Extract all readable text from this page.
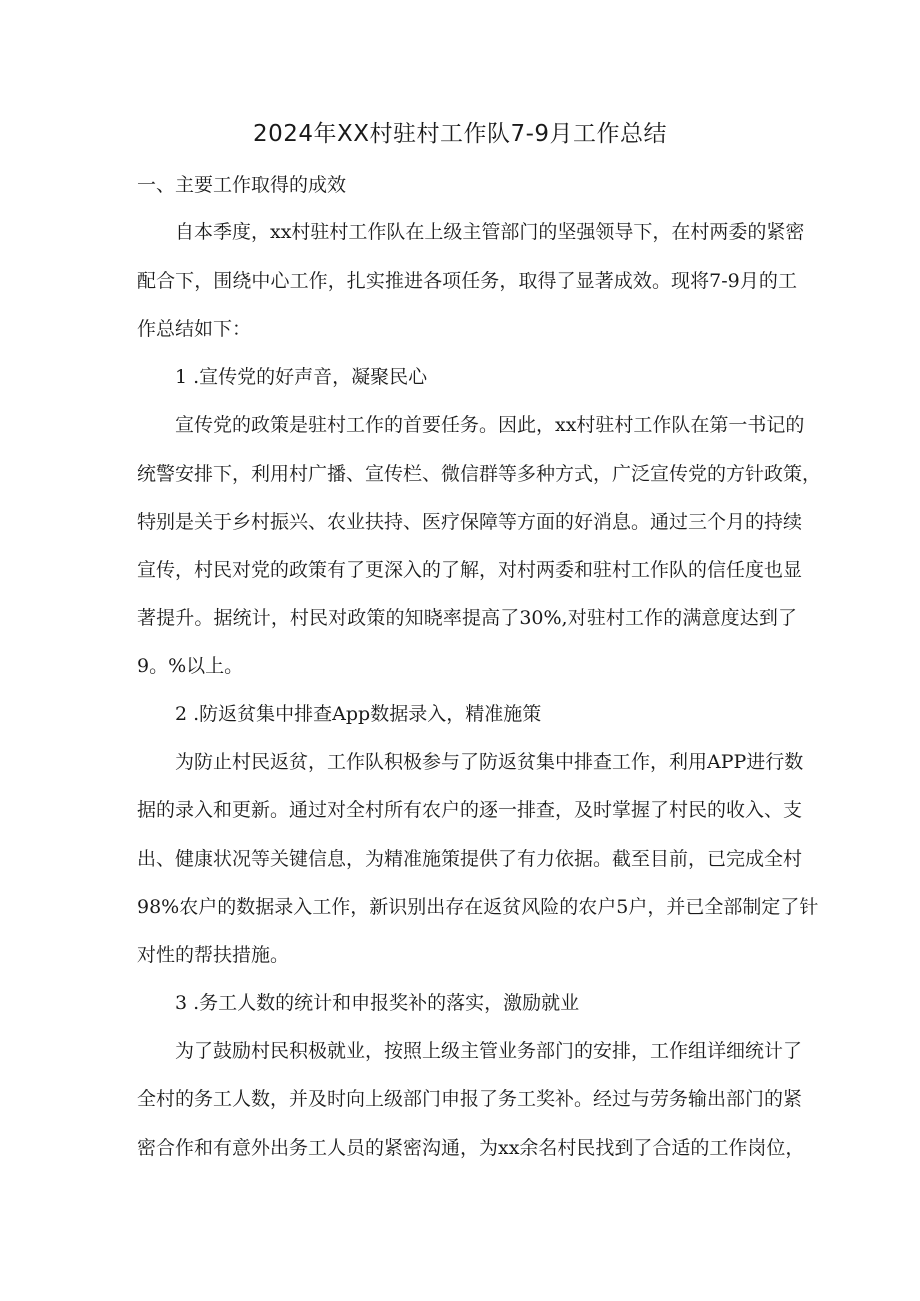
2024年XX村驻村工作队7-9月工作总结

一、主要工作取得的成效

自本季度，xx村驻村工作队在上级主管部门的坚强领导下，在村两委的紧密

配合下，围绕中心工作，扎实推进各项任务，取得了显著成效。现将7-9月的工

作总结如下：

1 .宣传党的好声音，凝聚民心

宣传党的政策是驻村工作的首要任务。因此，xx村驻村工作队在第一书记的

统警安排下，利用村广播、宣传栏、微信群等多种方式，广泛宣传党的方针政策，

特别是关于乡村振兴、农业扶持、医疗保障等方面的好消息。通过三个月的持续

宣传，村民对党的政策有了更深入的了解，对村两委和驻村工作队的信任度也显

著提升。据统计，村民对政策的知晓率提高了30%,对驻村工作的满意度达到了

9。%以上。

2 .防返贫集中排查App数据录入，精准施策

为防止村民返贫，工作队积极参与了防返贫集中排查工作，利用APP进行数

据的录入和更新。通过对全村所有农户的逐一排查，及时掌握了村民的收入、支

出、健康状况等关键信息，为精准施策提供了有力依据。截至目前，已完成全村

98%农户的数据录入工作，新识别出存在返贫风险的农户5户，并已全部制定了针

对性的帮扶措施。

3 .务工人数的统计和申报奖补的落实，激励就业

为了鼓励村民积极就业，按照上级主管业务部门的安排，工作组详细统计了

全村的务工人数，并及时向上级部门申报了务工奖补。经过与劳务输出部门的紧

密合作和有意外出务工人员的紧密沟通，为xx余名村民找到了合适的工作岗位，
